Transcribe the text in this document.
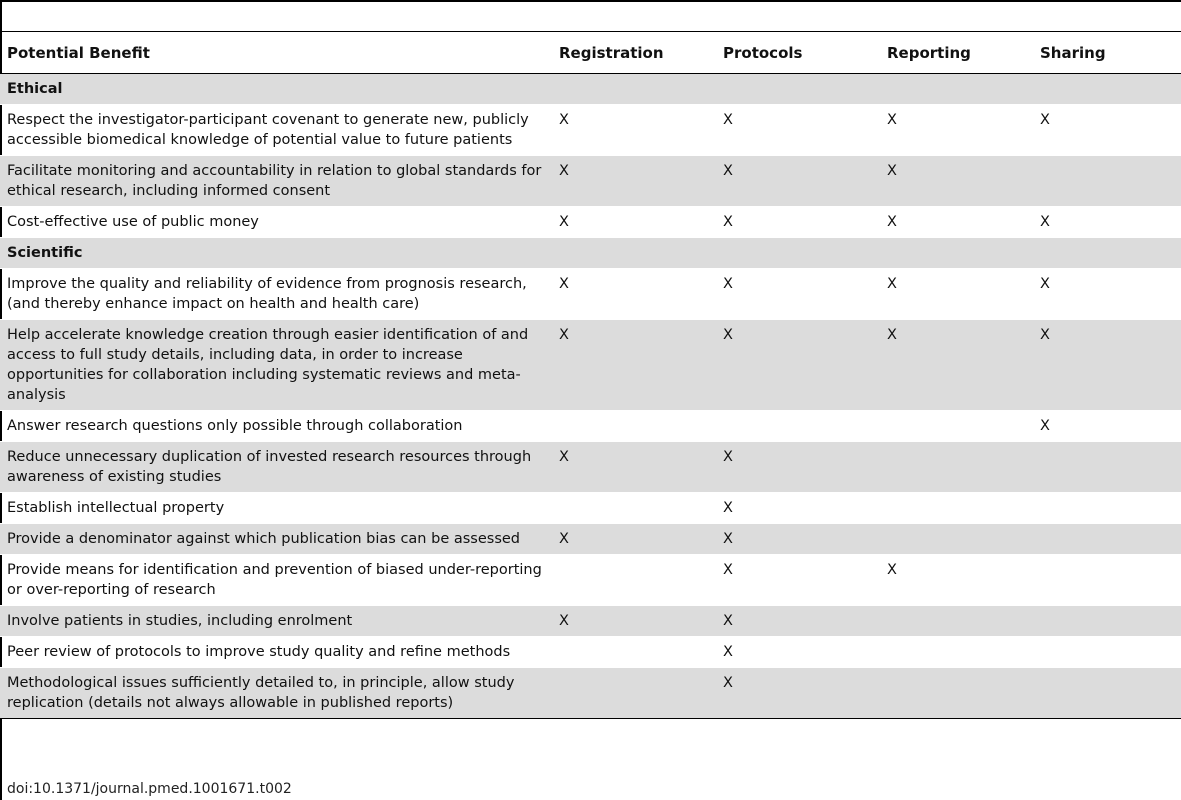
Potential Benefit	Registration	Protocols	Reporting	Sharing
Ethical				
Respect the investigator-participant covenant to generate new, publicly accessible biomedical knowledge of potential value to future patients	X	X	X	X
Facilitate monitoring and accountability in relation to global standards for ethical research, including informed consent	X	X	X	
Cost-effective use of public money	X	X	X	X
Scientific				
Improve the quality and reliability of evidence from prognosis research, (and thereby enhance impact on health and health care)	X	X	X	X
Help accelerate knowledge creation through easier identification of and access to full study details, including data, in order to increase opportunities for collaboration including systematic reviews and meta-analysis	X	X	X	X
Answer research questions only possible through collaboration				X
Reduce unnecessary duplication of invested research resources through awareness of existing studies	X	X		
Establish intellectual property		X		
Provide a denominator against which publication bias can be assessed	X	X		
Provide means for identification and prevention of biased under-reporting or over-reporting of research		X	X	
Involve patients in studies, including enrolment	X	X		
Peer review of protocols to improve study quality and refine methods		X		
Methodological issues sufficiently detailed to, in principle, allow study replication (details not always allowable in published reports)		X		
doi:10.1371/journal.pmed.1001671.t002
